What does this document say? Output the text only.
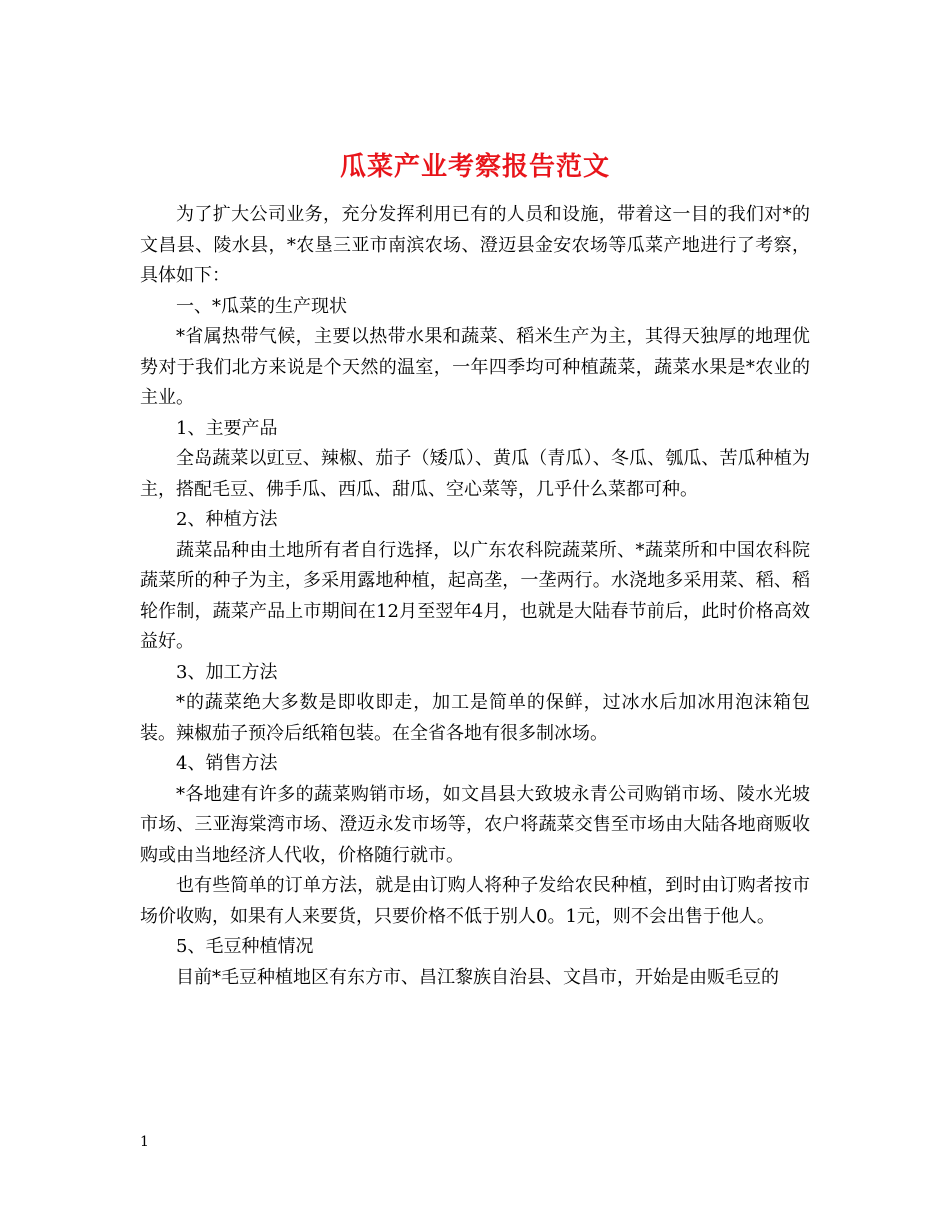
瓜菜产业考察报告范文

为了扩大公司业务，充分发挥利用已有的人员和设施，带着这一目的我们对*的文昌县、陵水县，*农垦三亚市南滨农场、澄迈县金安农场等瓜菜产地进行了考察，具体如下：

一、*瓜菜的生产现状

*省属热带气候，主要以热带水果和蔬菜、稻米生产为主，其得天独厚的地理优势对于我们北方来说是个天然的温室，一年四季均可种植蔬菜，蔬菜水果是*农业的主业。

1、主要产品

全岛蔬菜以豇豆、辣椒、茄子（矮瓜）、黄瓜（青瓜）、冬瓜、瓠瓜、苦瓜种植为主，搭配毛豆、佛手瓜、西瓜、甜瓜、空心菜等，几乎什么菜都可种。

2、种植方法

蔬菜品种由土地所有者自行选择，以广东农科院蔬菜所、*蔬菜所和中国农科院蔬菜所的种子为主，多采用露地种植，起高垄，一垄两行。水浇地多采用菜、稻、稻轮作制，蔬菜产品上市期间在12月至翌年4月，也就是大陆春节前后，此时价格高效益好。

3、加工方法

*的蔬菜绝大多数是即收即走，加工是简单的保鲜，过冰水后加冰用泡沫箱包装。辣椒茄子预冷后纸箱包装。在全省各地有很多制冰场。

4、销售方法

*各地建有许多的蔬菜购销市场，如文昌县大致坡永青公司购销市场、陵水光坡市场、三亚海棠湾市场、澄迈永发市场等，农户将蔬菜交售至市场由大陆各地商贩收购或由当地经济人代收，价格随行就市。

也有些简单的订单方法，就是由订购人将种子发给农民种植，到时由订购者按市场价收购，如果有人来要货，只要价格不低于别人0。1元，则不会出售于他人。

5、毛豆种植情况

目前*毛豆种植地区有东方市、昌江黎族自治县、文昌市，开始是由贩毛豆的

1
